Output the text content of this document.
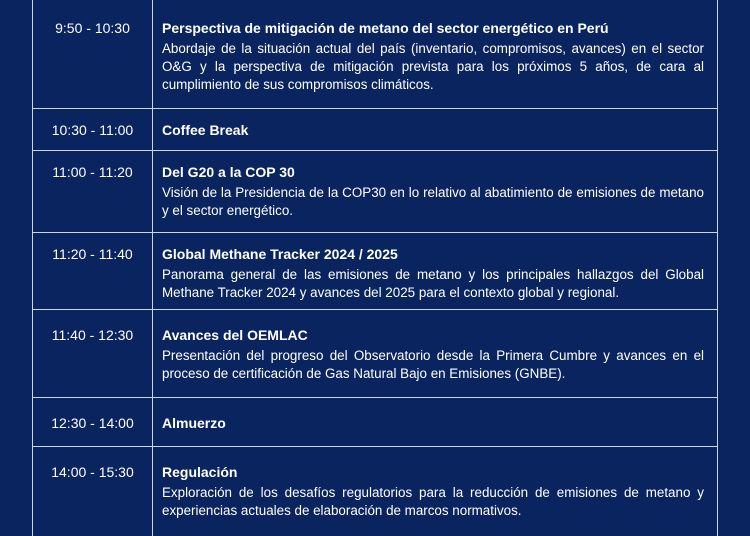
9:50 - 10:30	Perspectiva de mitigación de metano del sector energético en Perú
Abordaje de la situación actual del país (inventario, compromisos, avances) en el sector O&G y la perspectiva de mitigación prevista para los próximos 5 años, de cara al cumplimiento de sus compromisos climáticos.
10:30 - 11:00	Coffee Break
11:00 - 11:20	Del G20 a la COP 30
Visión de la Presidencia de la COP30 en lo relativo al abatimiento de emisiones de metano y el sector energético.
11:20 - 11:40	Global Methane Tracker 2024 / 2025
Panorama general de las emisiones de metano y los principales hallazgos del Global Methane Tracker 2024 y avances del 2025 para el contexto global y regional.
11:40 - 12:30	Avances del OEMLAC
Presentación del progreso del Observatorio desde la Primera Cumbre y avances en el proceso de certificación de Gas Natural Bajo en Emisiones (GNBE).
12:30 - 14:00	Almuerzo
14:00 - 15:30	Regulación
Exploración de los desafíos regulatorios para la reducción de emisiones de metano y experiencias actuales de elaboración de marcos normativos.
